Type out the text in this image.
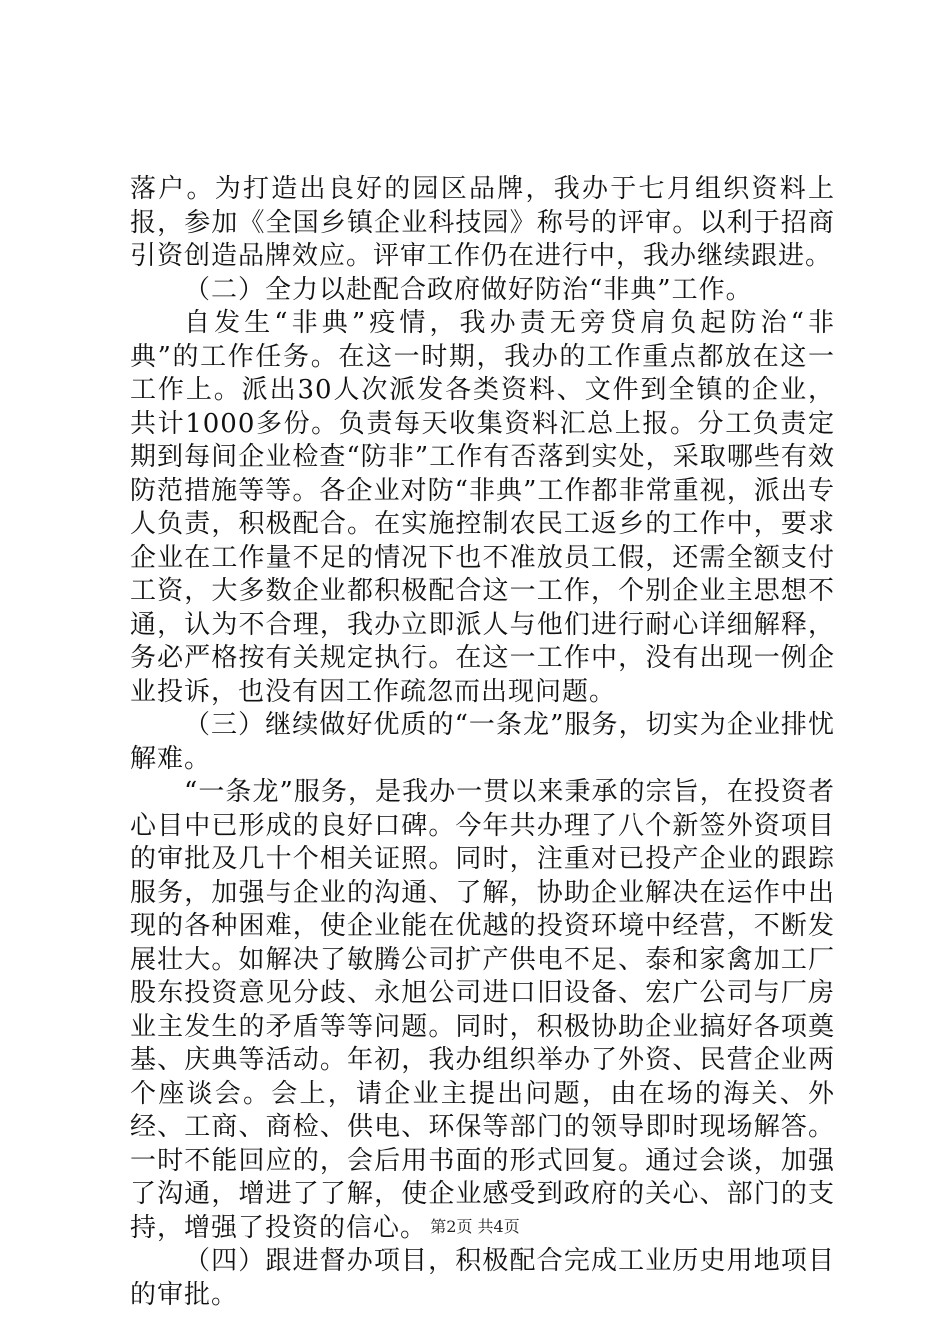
落户。为打造出良好的园区品牌，我办于七月组织资料上报，参加《全国乡镇企业科技园》称号的评审。以利于招商引资创造品牌效应。评审工作仍在进行中，我办继续跟进。

（二）全力以赴配合政府做好防治“非典”工作。

自发生“非典”疫情，我办责无旁贷肩负起防治“非典”的工作任务。在这一时期，我办的工作重点都放在这一工作上。派出30人次派发各类资料、文件到全镇的企业，共计1000多份。负责每天收集资料汇总上报。分工负责定期到每间企业检查“防非”工作有否落到实处，采取哪些有效防范措施等等。各企业对防“非典”工作都非常重视，派出专人负责，积极配合。在实施控制农民工返乡的工作中，要求企业在工作量不足的情况下也不准放员工假，还需全额支付工资，大多数企业都积极配合这一工作，个别企业主思想不通，认为不合理，我办立即派人与他们进行耐心详细解释，务必严格按有关规定执行。在这一工作中，没有出现一例企业投诉，也没有因工作疏忽而出现问题。

（三）继续做好优质的“一条龙”服务，切实为企业排忧解难。

“一条龙”服务，是我办一贯以来秉承的宗旨，在投资者心目中已形成的良好口碑。今年共办理了八个新签外资项目的审批及几十个相关证照。同时，注重对已投产企业的跟踪服务，加强与企业的沟通、了解，协助企业解决在运作中出现的各种困难，使企业能在优越的投资环境中经营，不断发展壮大。如解决了敏腾公司扩产供电不足、泰和家禽加工厂股东投资意见分歧、永旭公司进口旧设备、宏广公司与厂房业主发生的矛盾等等问题。同时，积极协助企业搞好各项奠基、庆典等活动。年初，我办组织举办了外资、民营企业两个座谈会。会上，请企业主提出问题，由在场的海关、外经、工商、商检、供电、环保等部门的领导即时现场解答。一时不能回应的，会后用书面的形式回复。通过会谈，加强了沟通，增进了了解，使企业感受到政府的关心、部门的支持，增强了投资的信心。

（四）跟进督办项目，积极配合完成工业历史用地项目的审批。

第2页 共4页
